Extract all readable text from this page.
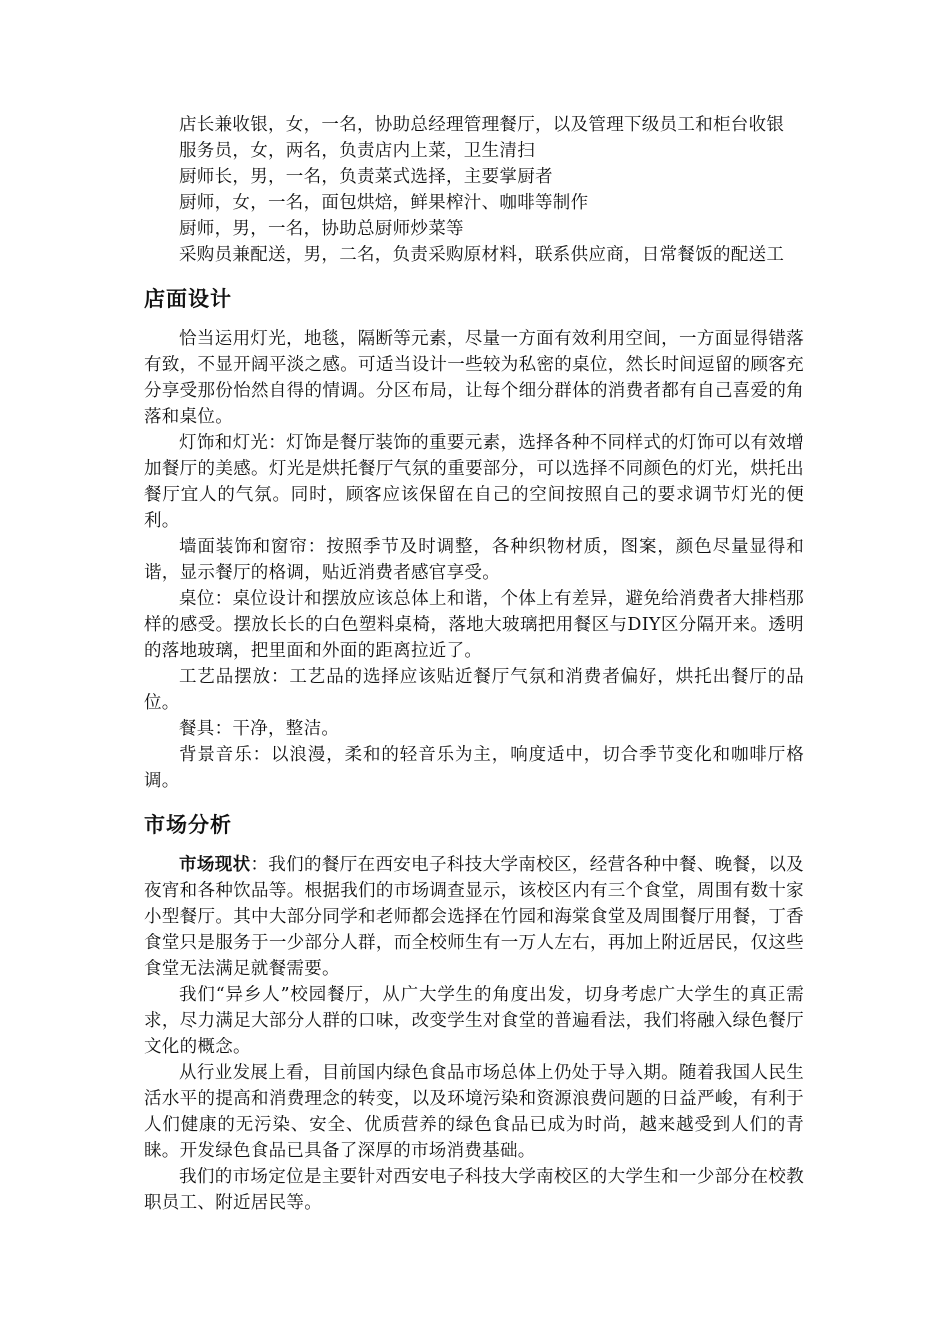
店长兼收银，女，一名，协助总经理管理餐厅，以及管理下级员工和柜台收银

服务员，女，两名，负责店内上菜，卫生清扫

厨师长，男，一名，负责菜式选择，主要掌厨者

厨师，女，一名，面包烘焙，鲜果榨汁、咖啡等制作

厨师，男，一名，协助总厨师炒菜等

采购员兼配送，男，二名，负责采购原材料，联系供应商，日常餐饭的配送工

店面设计

恰当运用灯光，地毯，隔断等元素，尽量一方面有效利用空间，一方面显得错落有致，不显开阔平淡之感。可适当设计一些较为私密的桌位，然长时间逗留的顾客充分享受那份怡然自得的情调。分区布局，让每个细分群体的消费者都有自己喜爱的角落和桌位。

灯饰和灯光：灯饰是餐厅装饰的重要元素，选择各种不同样式的灯饰可以有效增加餐厅的美感。灯光是烘托餐厅气氛的重要部分，可以选择不同颜色的灯光，烘托出餐厅宜人的气氛。同时，顾客应该保留在自己的空间按照自己的要求调节灯光的便利。

墙面装饰和窗帘：按照季节及时调整，各种织物材质，图案，颜色尽量显得和谐，显示餐厅的格调，贴近消费者感官享受。

桌位：桌位设计和摆放应该总体上和谐，个体上有差异，避免给消费者大排档那样的感受。摆放长长的白色塑料桌椅，落地大玻璃把用餐区与DIY区分隔开来。透明的落地玻璃，把里面和外面的距离拉近了。

工艺品摆放：工艺品的选择应该贴近餐厅气氛和消费者偏好，烘托出餐厅的品位。

餐具：干净，整洁。

背景音乐：以浪漫，柔和的轻音乐为主，响度适中，切合季节变化和咖啡厅格调。

市场分析

市场现状：我们的餐厅在西安电子科技大学南校区，经营各种中餐、晚餐，以及夜宵和各种饮品等。根据我们的市场调查显示，该校区内有三个食堂，周围有数十家小型餐厅。其中大部分同学和老师都会选择在竹园和海棠食堂及周围餐厅用餐，丁香食堂只是服务于一少部分人群，而全校师生有一万人左右，再加上附近居民，仅这些食堂无法满足就餐需要。

我们“异乡人”校园餐厅，从广大学生的角度出发，切身考虑广大学生的真正需求，尽力满足大部分人群的口味，改变学生对食堂的普遍看法，我们将融入绿色餐厅文化的概念。

从行业发展上看，目前国内绿色食品市场总体上仍处于导入期。随着我国人民生活水平的提高和消费理念的转变，以及环境污染和资源浪费问题的日益严峻，有利于人们健康的无污染、安全、优质营养的绿色食品已成为时尚，越来越受到人们的青睐。开发绿色食品已具备了深厚的市场消费基础。

我们的市场定位是主要针对西安电子科技大学南校区的大学生和一少部分在校教职员工、附近居民等。
